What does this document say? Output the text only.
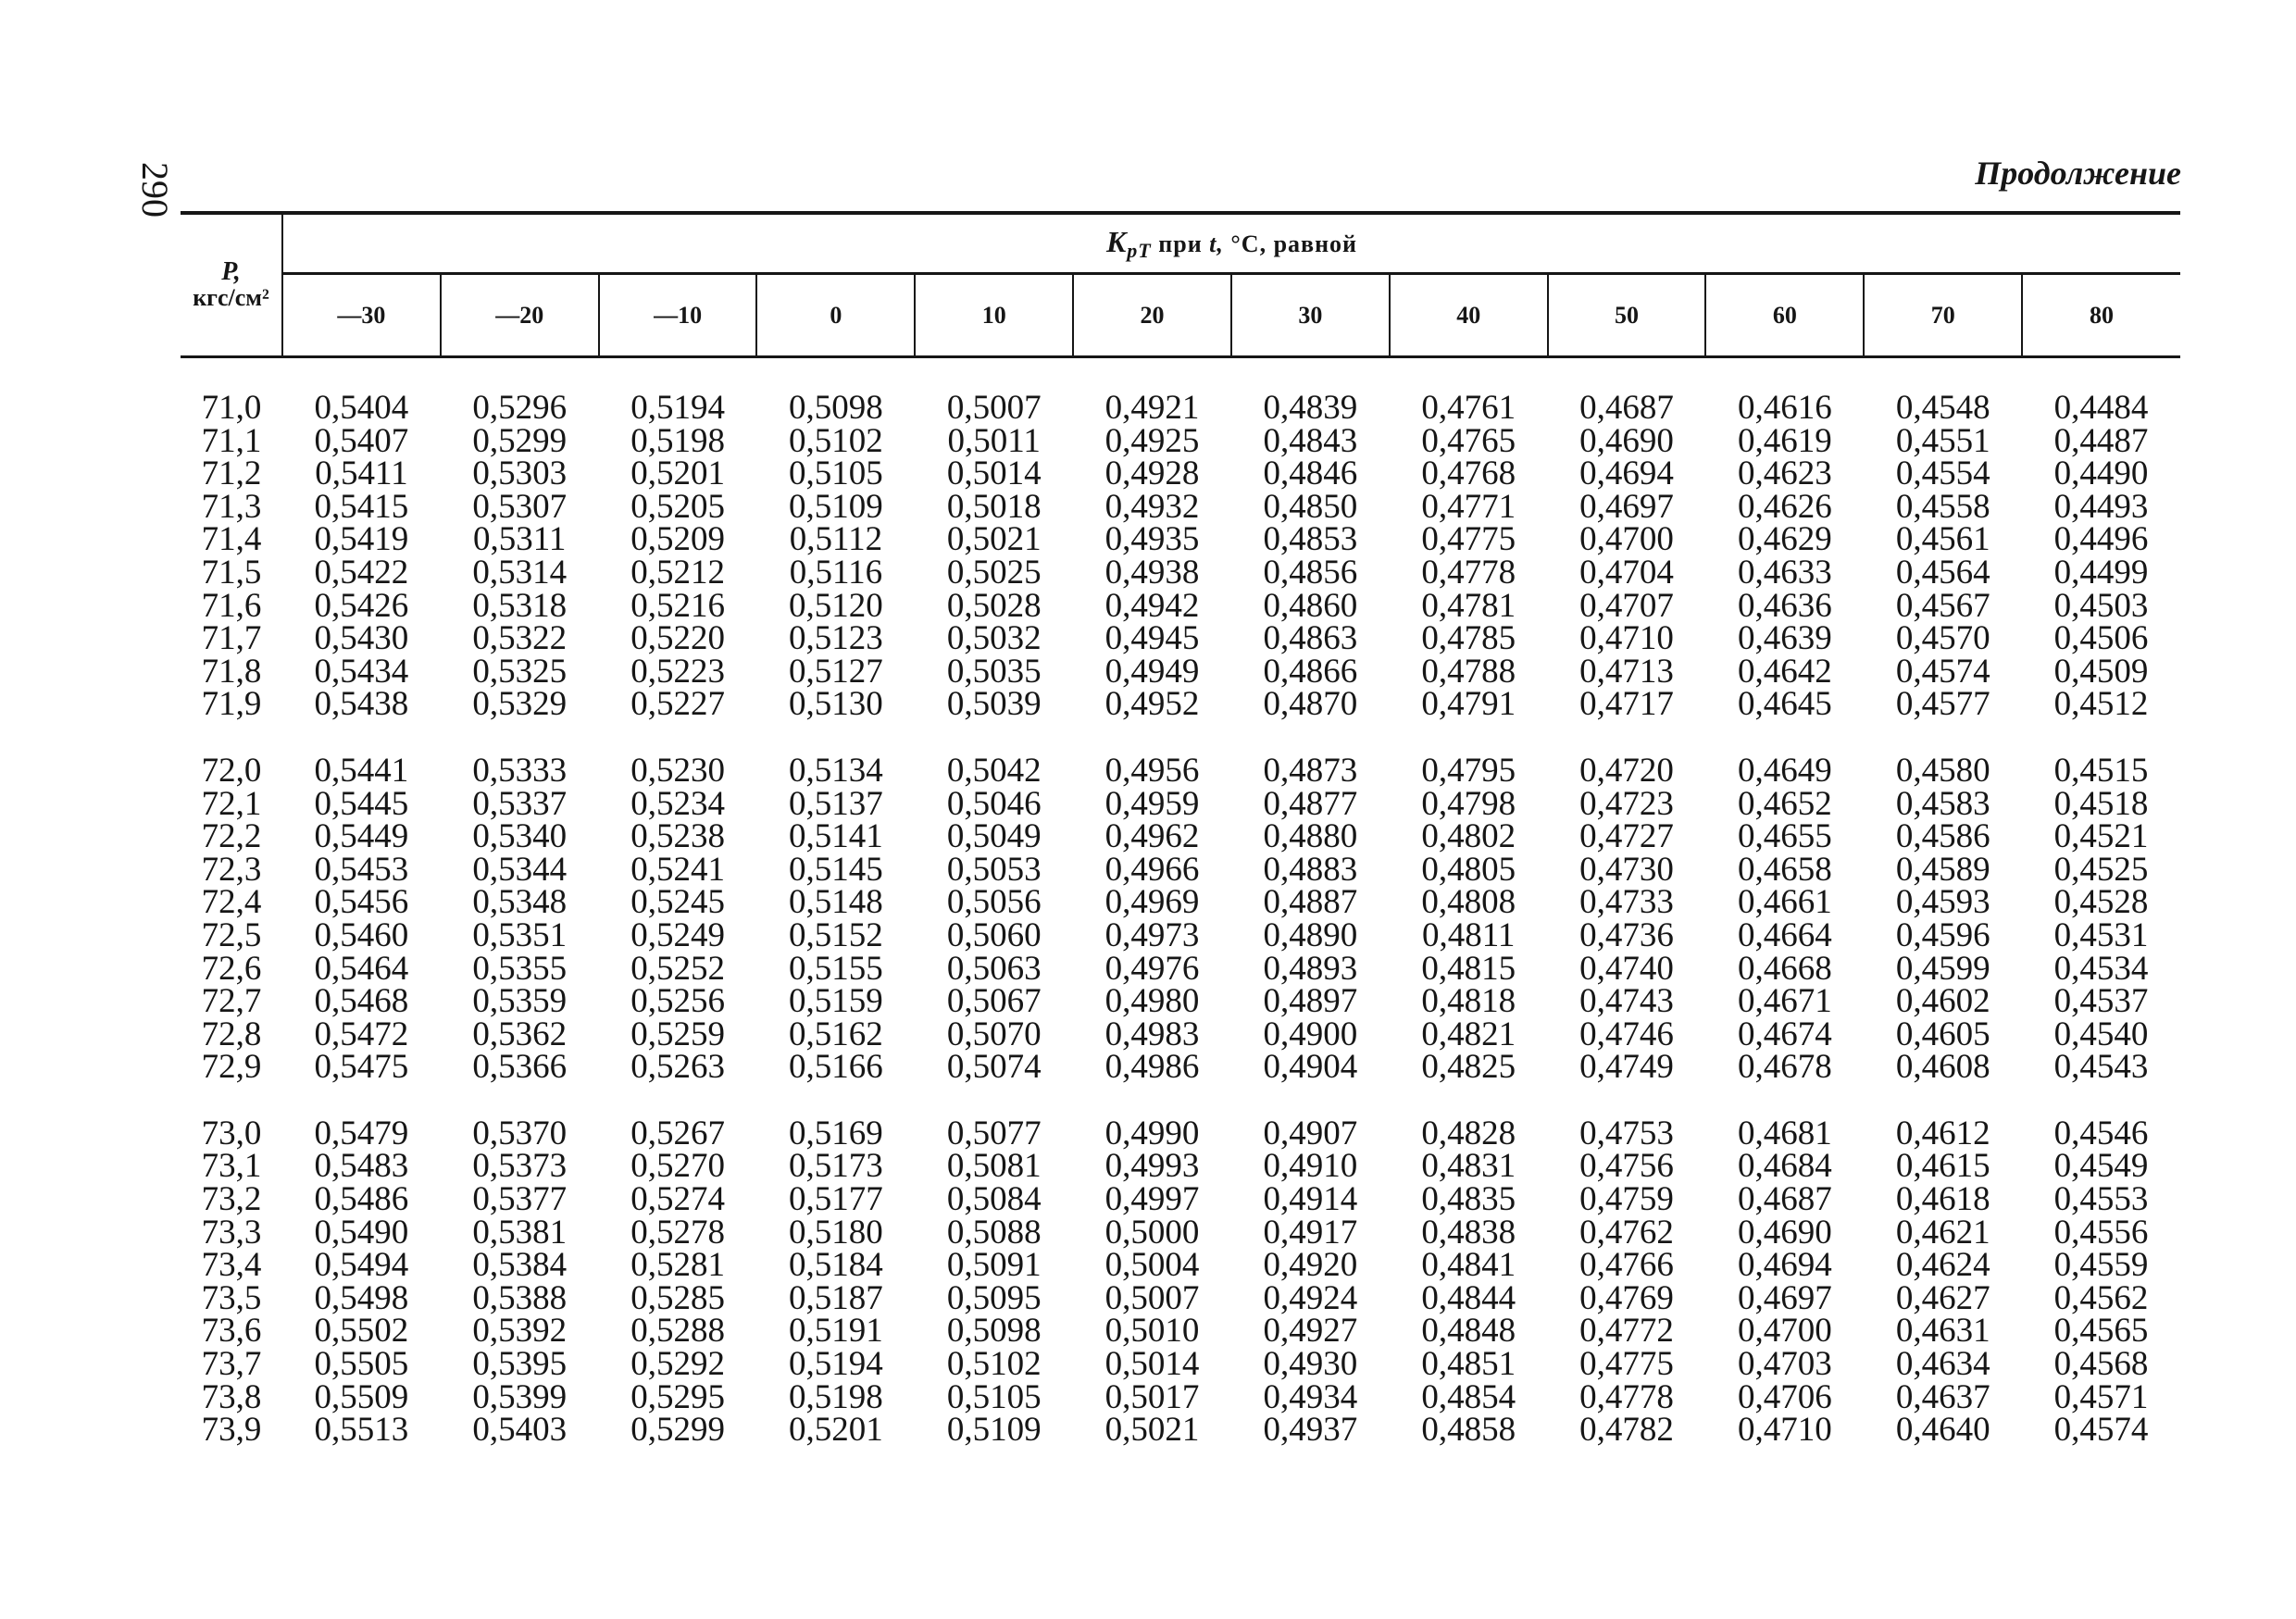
290	Продолжение
P,
кгс/см²	$K_{pT}$ при t, °C, равной											
	—30	—20	—10	0	10	20	30	40	50	60	70	80

71,0	0,5404	0,5296	0,5194	0,5098	0,5007	0,4921	0,4839	0,4761	0,4687	0,4616	0,4548	0,4484
71,1	0,5407	0,5299	0,5198	0,5102	0,5011	0,4925	0,4843	0,4765	0,4690	0,4619	0,4551	0,4487
71,2	0,5411	0,5303	0,5201	0,5105	0,5014	0,4928	0,4846	0,4768	0,4694	0,4623	0,4554	0,4490
71,3	0,5415	0,5307	0,5205	0,5109	0,5018	0,4932	0,4850	0,4771	0,4697	0,4626	0,4558	0,4493
71,4	0,5419	0,5311	0,5209	0,5112	0,5021	0,4935	0,4853	0,4775	0,4700	0,4629	0,4561	0,4496
71,5	0,5422	0,5314	0,5212	0,5116	0,5025	0,4938	0,4856	0,4778	0,4704	0,4633	0,4564	0,4499
71,6	0,5426	0,5318	0,5216	0,5120	0,5028	0,4942	0,4860	0,4781	0,4707	0,4636	0,4567	0,4503
71,7	0,5430	0,5322	0,5220	0,5123	0,5032	0,4945	0,4863	0,4785	0,4710	0,4639	0,4570	0,4506
71,8	0,5434	0,5325	0,5223	0,5127	0,5035	0,4949	0,4866	0,4788	0,4713	0,4642	0,4574	0,4509
71,9	0,5438	0,5329	0,5227	0,5130	0,5039	0,4952	0,4870	0,4791	0,4717	0,4645	0,4577	0,4512

72,0	0,5441	0,5333	0,5230	0,5134	0,5042	0,4956	0,4873	0,4795	0,4720	0,4649	0,4580	0,4515
72,1	0,5445	0,5337	0,5234	0,5137	0,5046	0,4959	0,4877	0,4798	0,4723	0,4652	0,4583	0,4518
72,2	0,5449	0,5340	0,5238	0,5141	0,5049	0,4962	0,4880	0,4802	0,4727	0,4655	0,4586	0,4521
72,3	0,5453	0,5344	0,5241	0,5145	0,5053	0,4966	0,4883	0,4805	0,4730	0,4658	0,4589	0,4525
72,4	0,5456	0,5348	0,5245	0,5148	0,5056	0,4969	0,4887	0,4808	0,4733	0,4661	0,4593	0,4528
72,5	0,5460	0,5351	0,5249	0,5152	0,5060	0,4973	0,4890	0,4811	0,4736	0,4664	0,4596	0,4531
72,6	0,5464	0,5355	0,5252	0,5155	0,5063	0,4976	0,4893	0,4815	0,4740	0,4668	0,4599	0,4534
72,7	0,5468	0,5359	0,5256	0,5159	0,5067	0,4980	0,4897	0,4818	0,4743	0,4671	0,4602	0,4537
72,8	0,5472	0,5362	0,5259	0,5162	0,5070	0,4983	0,4900	0,4821	0,4746	0,4674	0,4605	0,4540
72,9	0,5475	0,5366	0,5263	0,5166	0,5074	0,4986	0,4904	0,4825	0,4749	0,4678	0,4608	0,4543

73,0	0,5479	0,5370	0,5267	0,5169	0,5077	0,4990	0,4907	0,4828	0,4753	0,4681	0,4612	0,4546
73,1	0,5483	0,5373	0,5270	0,5173	0,5081	0,4993	0,4910	0,4831	0,4756	0,4684	0,4615	0,4549
73,2	0,5486	0,5377	0,5274	0,5177	0,5084	0,4997	0,4914	0,4835	0,4759	0,4687	0,4618	0,4553
73,3	0,5490	0,5381	0,5278	0,5180	0,5088	0,5000	0,4917	0,4838	0,4762	0,4690	0,4621	0,4556
73,4	0,5494	0,5384	0,5281	0,5184	0,5091	0,5004	0,4920	0,4841	0,4766	0,4694	0,4624	0,4559
73,5	0,5498	0,5388	0,5285	0,5187	0,5095	0,5007	0,4924	0,4844	0,4769	0,4697	0,4627	0,4562
73,6	0,5502	0,5392	0,5288	0,5191	0,5098	0,5010	0,4927	0,4848	0,4772	0,4700	0,4631	0,4565
73,7	0,5505	0,5395	0,5292	0,5194	0,5102	0,5014	0,4930	0,4851	0,4775	0,4703	0,4634	0,4568
73,8	0,5509	0,5399	0,5295	0,5198	0,5105	0,5017	0,4934	0,4854	0,4778	0,4706	0,4637	0,4571
73,9	0,5513	0,5403	0,5299	0,5201	0,5109	0,5021	0,4937	0,4858	0,4782	0,4710	0,4640	0,4574
